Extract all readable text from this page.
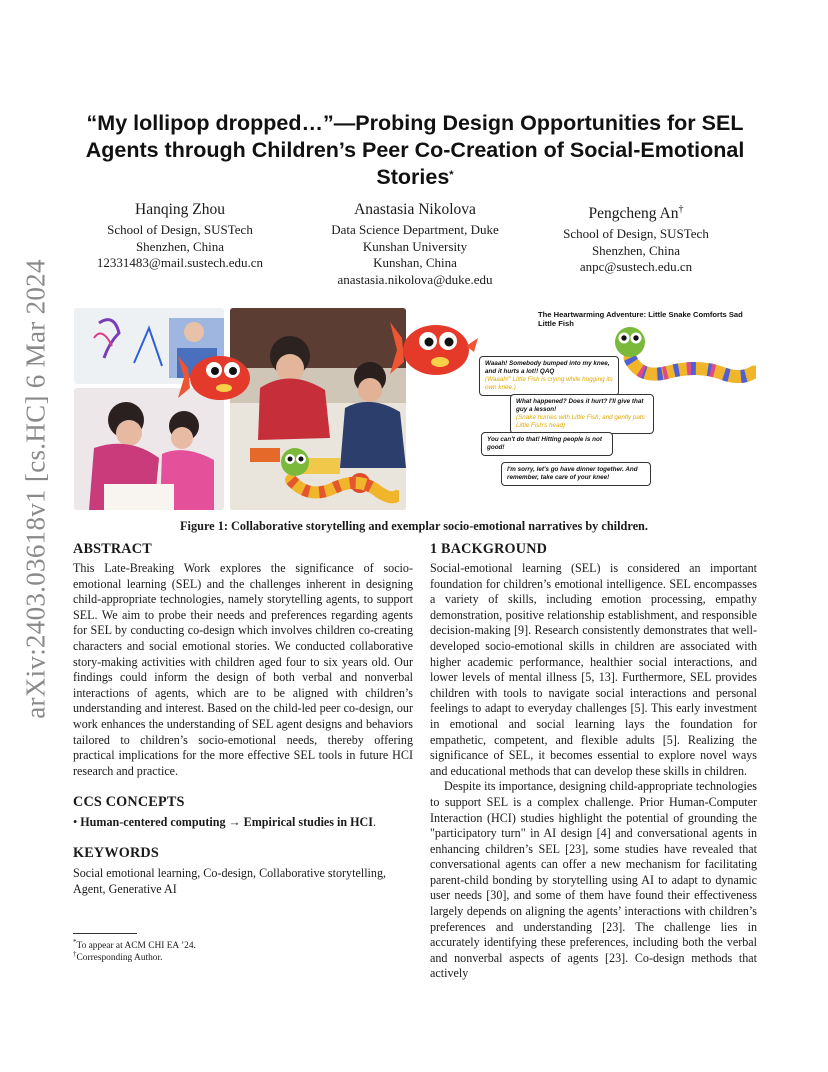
arXiv:2403.03618v1 [cs.HC] 6 Mar 2024
“My lollipop dropped…”—Probing Design Opportunities for SEL
Agents through Children’s Peer Co-Creation of Social-Emotional
Stories*
Hanqing Zhou
School of Design, SUSTech
Shenzhen, China
12331483@mail.sustech.edu.cn
Anastasia Nikolova
Data Science Department, Duke
Kunshan University
Kunshan, China
anastasia.nikolova@duke.edu
Pengcheng An†
School of Design, SUSTech
Shenzhen, China
anpc@sustech.edu.cn
The Heartwarming Adventure: Little Snake Comforts Sad Little Fish
Waaah! Somebody bumped into my knee, and it hurts a lot!! QAQ
(Waaah!” Little Fish is crying while hugging its own knee.)
What happened? Does it hurt? I'll give that guy a lesson!
(Snake hurries with Little Fish, and gently pats Little Fish's head)
You can't do that! Hitting people is not good!
I'm sorry, let's go have dinner together. And remember, take care of your knee!
Figure 1: Collaborative storytelling and exemplar socio-emotional narratives by children.
ABSTRACT

This Late-Breaking Work explores the significance of socio-emotional learning (SEL) and the challenges inherent in designing child-appropriate technologies, namely storytelling agents, to support SEL. We aim to probe their needs and preferences regarding agents for SEL by conducting co-design which involves children co-creating characters and social emotional stories. We conducted collaborative story-making activities with children aged four to six years old. Our findings could inform the design of both verbal and nonverbal interactions of agents, which are to be aligned with children’s understanding and interest. Based on the child-led peer co-design, our work enhances the understanding of SEL agent designs and behaviors tailored to children’s socio-emotional needs, thereby offering practical implications for the more effective SEL tools in future HCI research and practice.

CCS CONCEPTS

• Human-centered computing → Empirical studies in HCI.

KEYWORDS

Social emotional learning, Co-design, Collaborative storytelling, Agent, Generative AI

*To appear at ACM CHI EA ’24.
†Corresponding Author.
1 BACKGROUND

Social-emotional learning (SEL) is considered an important foundation for children’s emotional intelligence. SEL encompasses a variety of skills, including emotion processing, empathy demonstration, positive relationship establishment, and responsible decision-making [9]. Research consistently demonstrates that well-developed socio-emotional skills in children are associated with higher academic performance, healthier social interactions, and lower levels of mental illness [5, 13]. Furthermore, SEL provides children with tools to navigate social interactions and personal feelings to adapt to everyday challenges [5]. This early investment in emotional and social learning lays the foundation for empathetic, competent, and flexible adults [5]. Realizing the significance of SEL, it becomes essential to explore novel ways and educational methods that can develop these skills in children.

Despite its importance, designing child-appropriate technologies to support SEL is a complex challenge. Prior Human-Computer Interaction (HCI) studies highlight the potential of grounding the "participatory turn" in AI design [4] and conversational agents in enhancing children’s SEL [23], some studies have revealed that conversational agents can offer a new mechanism for facilitating parent-child bonding by storytelling using AI to adapt to dynamic user needs [30], and some of them have found their effectiveness largely depends on aligning the agents’ interactions with children’s preferences and understanding [23]. The challenge lies in accurately identifying these preferences, including both the verbal and nonverbal aspects of agents [23]. Co-design methods that actively
